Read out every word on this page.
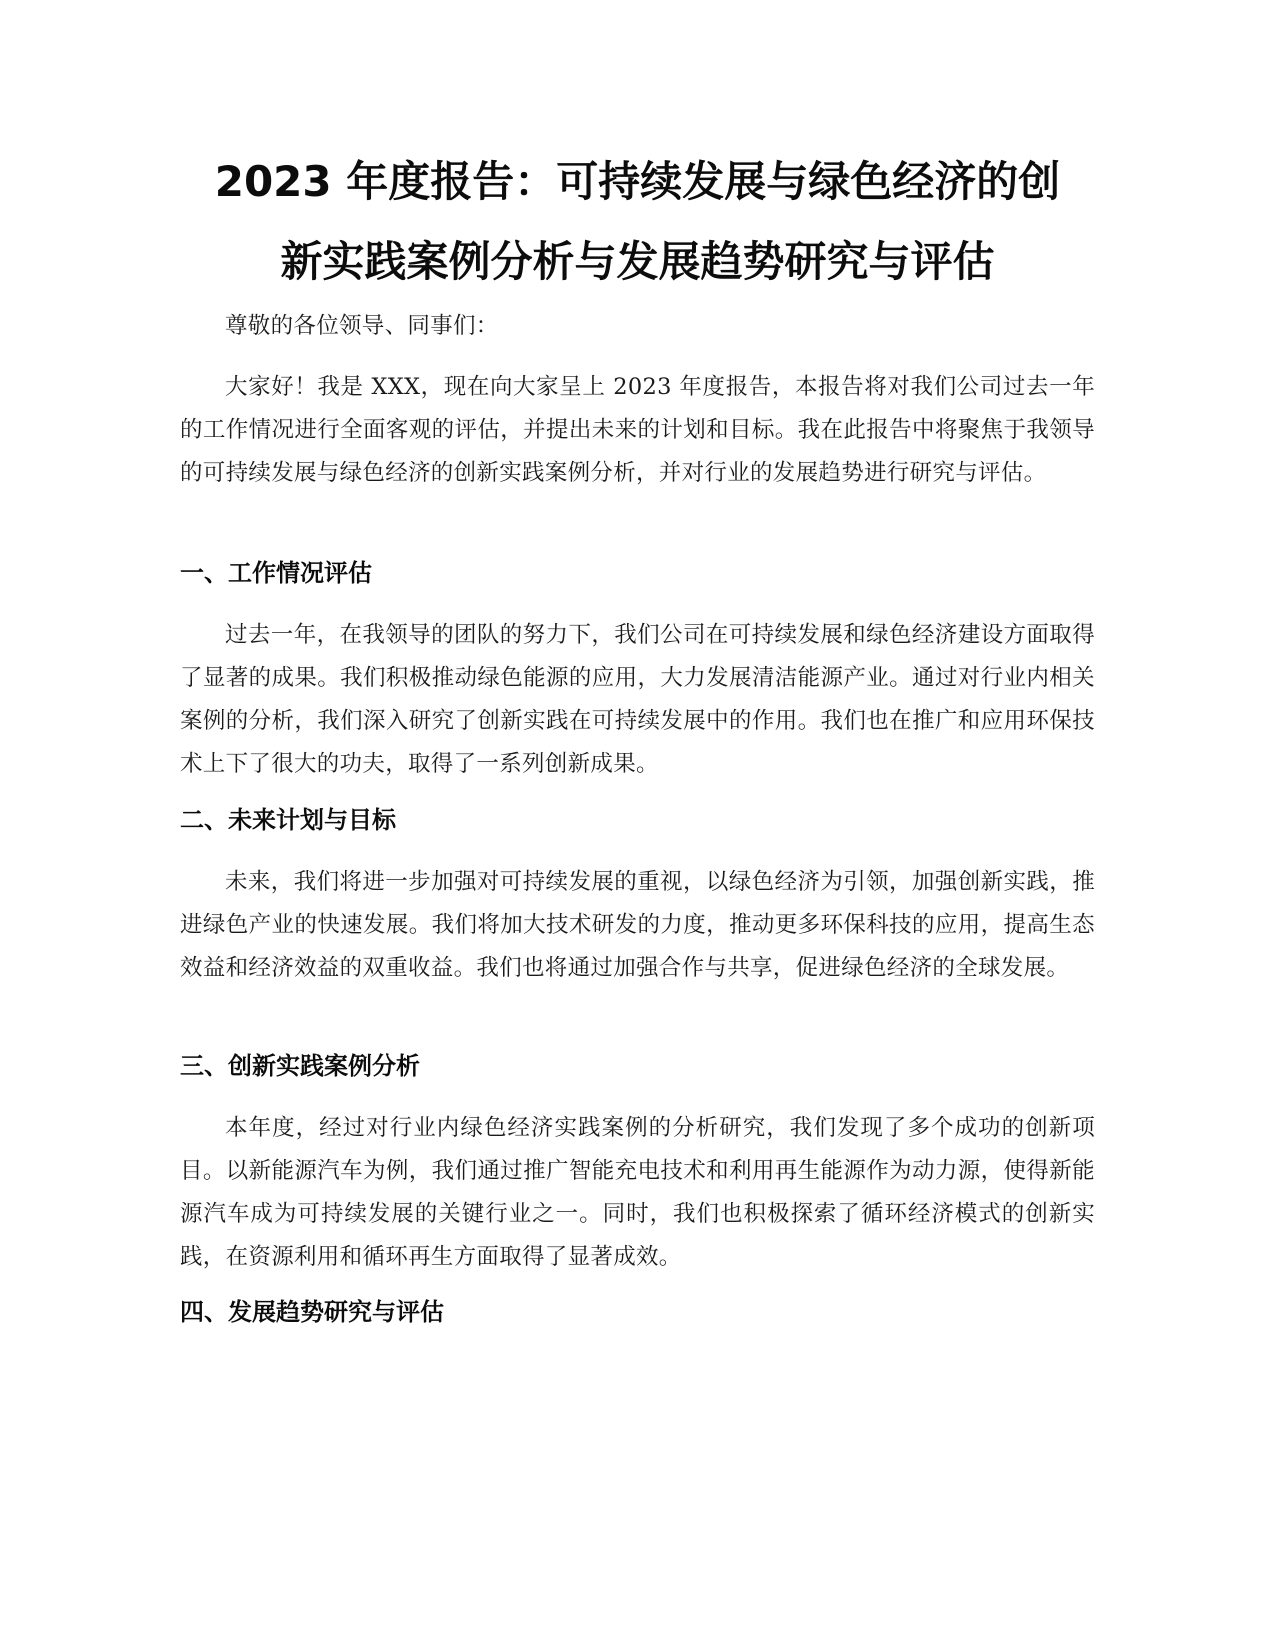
2023 年度报告：可持续发展与绿色经济的创
新实践案例分析与发展趋势研究与评估

尊敬的各位领导、同事们：

大家好！我是 XXX，现在向大家呈上 2023 年度报告，本报告将对我们公司过去一年的工作情况进行全面客观的评估，并提出未来的计划和目标。我在此报告中将聚焦于我领导的可持续发展与绿色经济的创新实践案例分析，并对行业的发展趋势进行研究与评估。

一、工作情况评估

过去一年，在我领导的团队的努力下，我们公司在可持续发展和绿色经济建设方面取得了显著的成果。我们积极推动绿色能源的应用，大力发展清洁能源产业。通过对行业内相关案例的分析，我们深入研究了创新实践在可持续发展中的作用。我们也在推广和应用环保技术上下了很大的功夫，取得了一系列创新成果。

二、未来计划与目标

未来，我们将进一步加强对可持续发展的重视，以绿色经济为引领，加强创新实践，推进绿色产业的快速发展。我们将加大技术研发的力度，推动更多环保科技的应用，提高生态效益和经济效益的双重收益。我们也将通过加强合作与共享，促进绿色经济的全球发展。

三、创新实践案例分析

本年度，经过对行业内绿色经济实践案例的分析研究，我们发现了多个成功的创新项目。以新能源汽车为例，我们通过推广智能充电技术和利用再生能源作为动力源，使得新能源汽车成为可持续发展的关键行业之一。同时，我们也积极探索了循环经济模式的创新实践，在资源利用和循环再生方面取得了显著成效。

四、发展趋势研究与评估
